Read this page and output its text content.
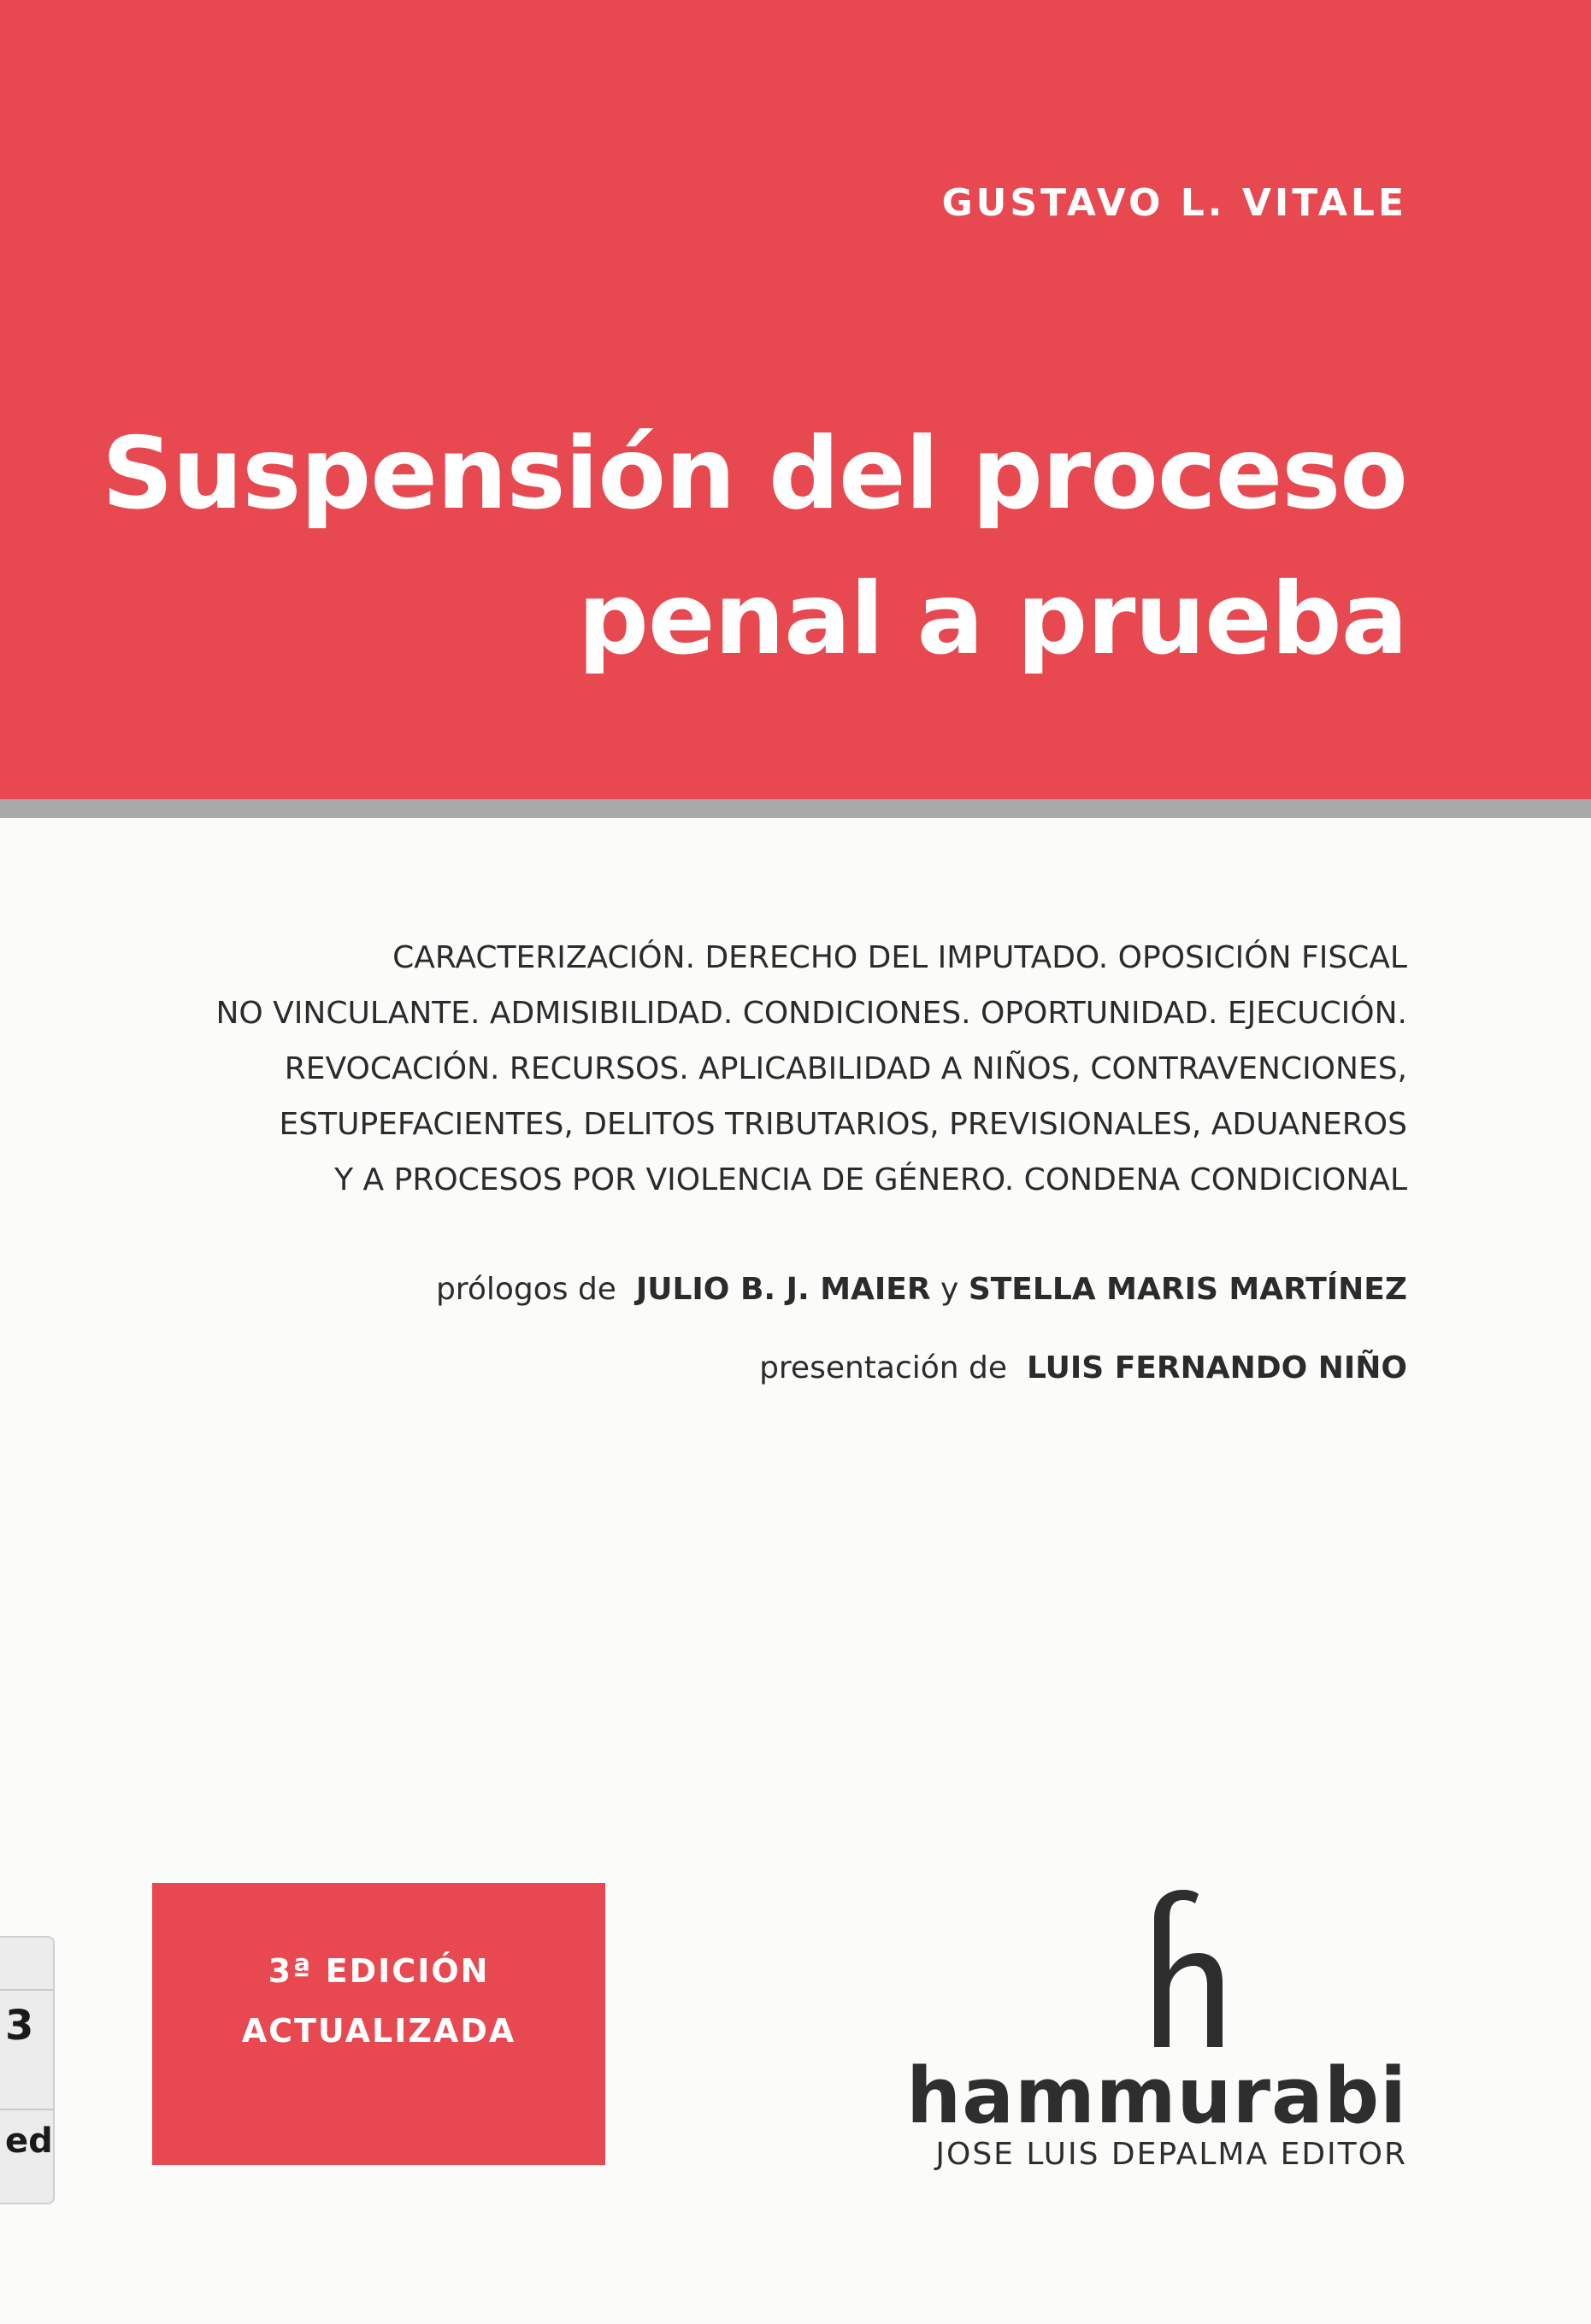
GUSTAVO L. VITALE
Suspensión del proceso
penal a prueba
CARACTERIZACIÓN. DERECHO DEL IMPUTADO. OPOSICIÓN FISCAL
NO VINCULANTE. ADMISIBILIDAD. CONDICIONES. OPORTUNIDAD. EJECUCIÓN.
REVOCACIÓN. RECURSOS. APLICABILIDAD A NIÑOS, CONTRAVENCIONES,
ESTUPEFACIENTES, DELITOS TRIBUTARIOS, PREVISIONALES, ADUANEROS
Y A PROCESOS POR VIOLENCIA DE GÉNERO. CONDENA CONDICIONAL
prólogos de JULIO B. J. MAIER y STELLA MARIS MARTÍNEZ
presentación de LUIS FERNANDO NIÑO
3ª EDICIÓN
ACTUALIZADA
hammurabi
JOSE LUIS DEPALMA EDITOR
3
ed
